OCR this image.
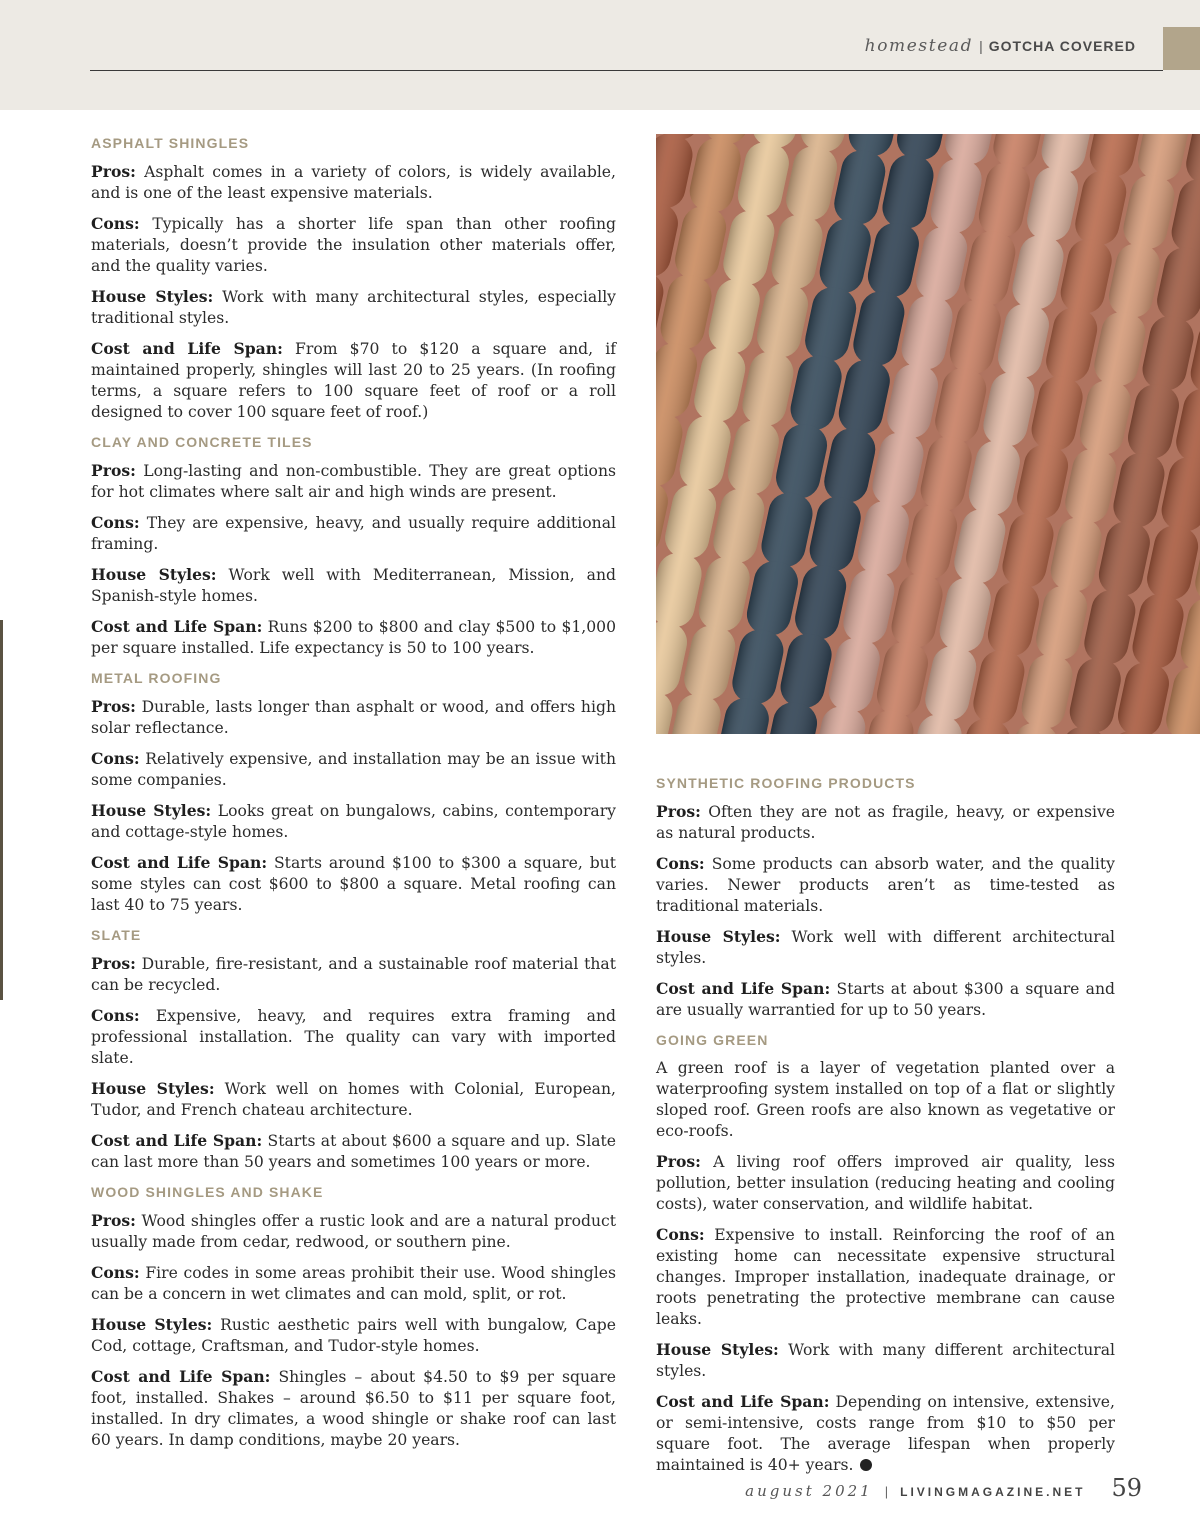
homestead | GOTCHA COVERED
ASPHALT SHINGLES

Pros: Asphalt comes in a variety of colors, is widely available, and is one of the least expensive materials.

Cons: Typically has a shorter life span than other roofing materials, doesn’t provide the insulation other materials offer, and the quality varies.

House Styles: Work with many architectural styles, especially traditional styles.

Cost and Life Span: From $70 to $120 a square and, if maintained properly, shingles will last 20 to 25 years. (In roofing terms, a square refers to 100 square feet of roof or a roll designed to cover 100 square feet of roof.)

CLAY AND CONCRETE TILES

Pros: Long-lasting and non-combustible. They are great options for hot climates where salt air and high winds are present.

Cons: They are expensive, heavy, and usually require additional framing.

House Styles: Work well with Mediterranean, Mission, and Spanish-style homes.

Cost and Life Span: Runs $200 to $800 and clay $500 to $1,000 per square installed. Life expectancy is 50 to 100 years.

METAL ROOFING

Pros: Durable, lasts longer than asphalt or wood, and offers high solar reflectance.

Cons: Relatively expensive, and installation may be an issue with some companies.

House Styles: Looks great on bungalows, cabins, contemporary and cottage-style homes.

Cost and Life Span: Starts around $100 to $300 a square, but some styles can cost $600 to $800 a square. Metal roofing can last 40 to 75 years.

SLATE

Pros: Durable, fire-resistant, and a sustainable roof material that can be recycled.

Cons: Expensive, heavy, and requires extra framing and professional installation. The quality can vary with imported slate.

House Styles: Work well on homes with Colonial, European, Tudor, and French chateau architecture.

Cost and Life Span: Starts at about $600 a square and up. Slate can last more than 50 years and sometimes 100 years or more.

WOOD SHINGLES AND SHAKE

Pros: Wood shingles offer a rustic look and are a natural product usually made from cedar, redwood, or southern pine.

Cons: Fire codes in some areas prohibit their use. Wood shingles can be a concern in wet climates and can mold, split, or rot.

House Styles: Rustic aesthetic pairs well with bungalow, Cape Cod, cottage, Craftsman, and Tudor-style homes.

Cost and Life Span: Shingles – about $4.50 to $9 per square foot, installed. Shakes – around $6.50 to $11 per square foot, installed. In dry climates, a wood shingle or shake roof can last 60 years. In damp conditions, maybe 20 years.

SYNTHETIC ROOFING PRODUCTS

Pros: Often they are not as fragile, heavy, or expensive as natural products.

Cons: Some products can absorb water, and the quality varies. Newer products aren’t as time-tested as traditional materials.

House Styles: Work well with different architectural styles.

Cost and Life Span: Starts at about $300 a square and are usually warrantied for up to 50 years.

GOING GREEN

A green roof is a layer of vegetation planted over a waterproofing system installed on top of a flat or slightly sloped roof. Green roofs are also known as vegetative or eco-roofs.

Pros: A living roof offers improved air quality, less pollution, better insulation (reducing heating and cooling costs), water conservation, and wildlife habitat.

Cons: Expensive to install. Reinforcing the roof of an existing home can necessitate expensive structural changes. Improper installation, inadequate drainage, or roots penetrating the protective membrane can cause leaks.

House Styles: Work with many different architectural styles.

Cost and Life Span: Depending on intensive, extensive, or semi-intensive, costs range from $10 to $50 per square foot. The average lifespan when properly maintained is 40+ years.

august 2021 | LIVINGMAGAZINE.NET 59
